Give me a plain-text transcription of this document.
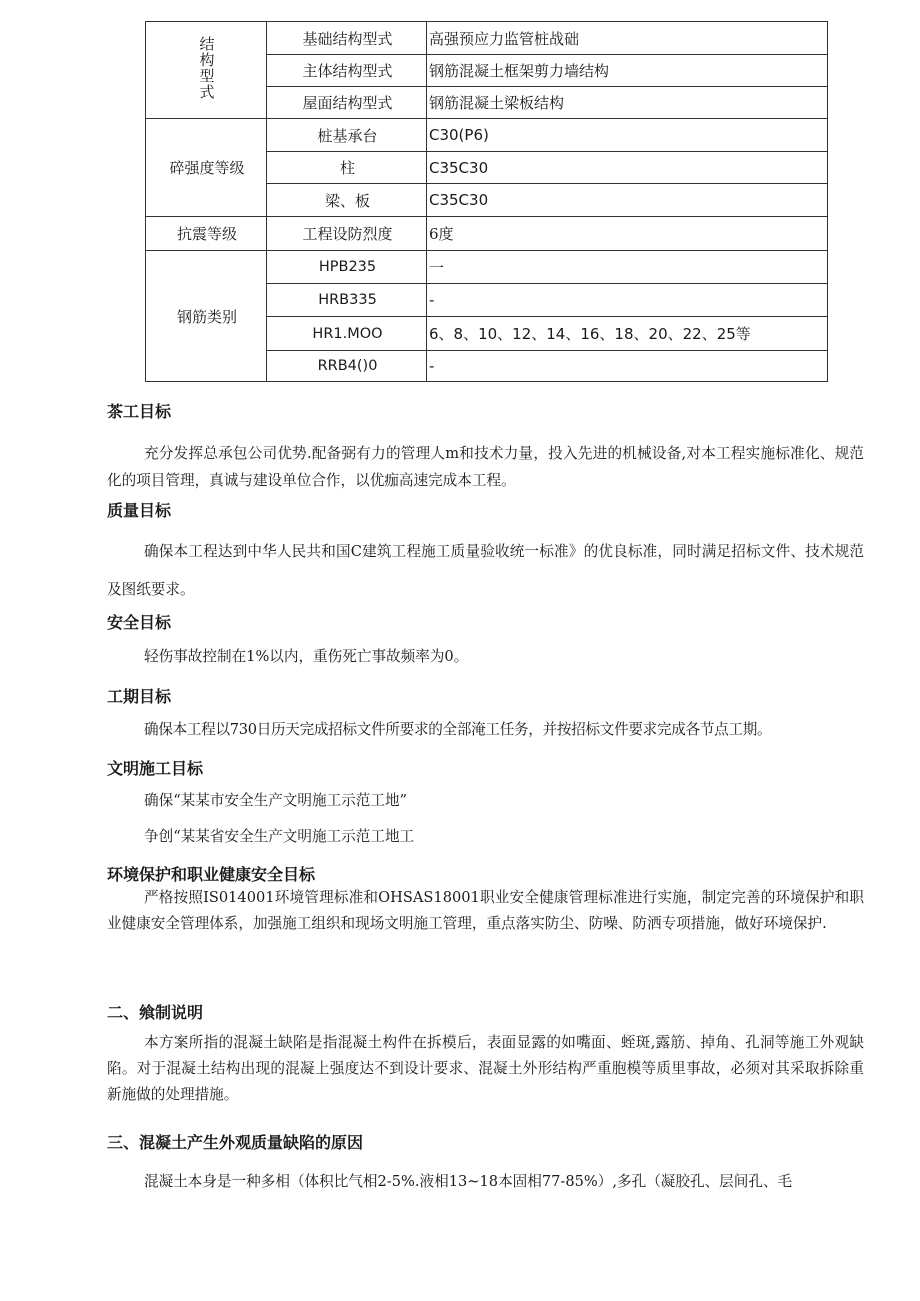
结构型式	基础结构型式	高强预应力监管桩战础
	主体结构型式	钢筋混凝土框架剪力墙结构
	屋面结构型式	钢筋混凝土梁板结构
碎强度等级	桩基承台	C30(P6)
	柱	C35C30
	梁、板	C35C30
抗震等级	工程设防烈度	6度
钢筋类别	HPB235	一
	HRB335	-
	HR1.MOO	6、8、10、12、14、16、18、20、22、25等
	RRB4()0	-
茶工目标

充分发挥总承包公司优势.配备弼有力的管理人m和技术力量，投入先进的机械设备,对本工程实施标准化、规范化的项目管理，真诚与建设单位合作，以优痂高速完成本工程。

质量目标

确保本工程达到中华人民共和国C建筑工程施工质量验收统一标准》的优良标准，同时满足招标文件、技术规范及图纸要求。

安全目标

轻伤事故控制在1%以内，重伤死亡事故频率为0。

工期目标

确保本工程以730日历天完成招标文件所要求的全部淹工任务，并按招标文件要求完成各节点工期。

文明施工目标

确保“某某市安全生产文明施工示范工地”

争创“某某省安全生产文明施工示范工地工

环境保护和职业健康安全目标

严格按照IS014001环境管理标准和OHSAS18001职业安全健康管理标准进行实施，制定完善的环境保护和职业健康安全管理体系，加强施工组织和现场文明施工管理，重点落实防尘、防噪、防洒专项措施，做好环境保护.

二、飨制说明

本方案所指的混凝土缺陷是指混凝土构件在拆模后，表面显露的如嘴面、蛭斑,露筋、掉角、孔洞等施工外观缺陷。对于混凝土结构出现的混凝上强度达不到设计要求、混凝土外形结构严重胞模等质里事故，必须对其采取拆除重新施做的处理措施。

三、混凝土产生外观质量缺陷的原因

混凝土本身是一种多相（体积比气相2-5%.液相13~18本固相77-85%）,多孔（凝胶孔、层间孔、毛
